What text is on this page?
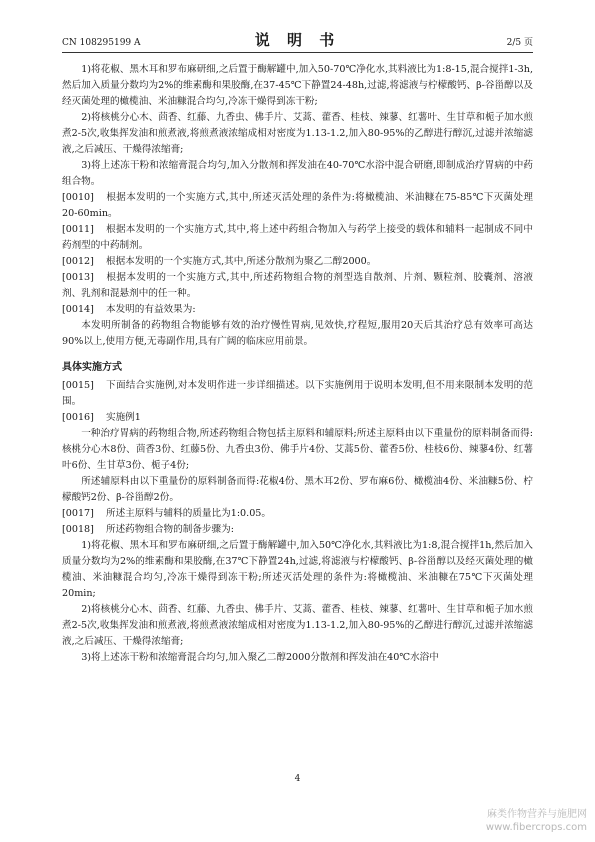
CN 108295199 A	说 明 书	2/5 页

1)将花椒、黑木耳和罗布麻研细,之后置于酶解罐中,加入50-70℃净化水,其料液比为1:8-15,混合搅拌1-3h,然后加入质量分数均为2%的维素酶和果胶酶,在37-45℃下静置24-48h,过滤,将滤液与柠檬酸钙、β-谷甾醇以及经灭菌处理的橄榄油、米油糠混合均匀,冷冻干燥得到冻干粉;

2)将核桃分心木、茴香、红藤、九香虫、佛手片、艾蒿、藿香、桂枝、辣蓼、红薯叶、生甘草和栀子加水煎煮2-5次,收集挥发油和煎煮液,将煎煮液浓缩成相对密度为1.13-1.2,加入80-95%的乙醇进行醇沉,过滤并浓缩滤液,之后减压、干燥得浓缩膏;

3)将上述冻干粉和浓缩膏混合均匀,加入分散剂和挥发油在40-70℃水浴中混合研磨,即制成治疗胃病的中药组合物。

[0010] 根据本发明的一个实施方式,其中,所述灭活处理的条件为:将橄榄油、米油糠在75-85℃下灭菌处理20-60min。

[0011] 根据本发明的一个实施方式,其中,将上述中药组合物加入与药学上接受的载体和辅料一起制成不同中药剂型的中药制剂。

[0012] 根据本发明的一个实施方式,其中,所述分散剂为聚乙二醇2000。

[0013] 根据本发明的一个实施方式,其中,所述药物组合物的剂型选自散剂、片剂、颗粒剂、胶囊剂、溶液剂、乳剂和混悬剂中的任一种。

[0014] 本发明的有益效果为:

本发明所制备的药物组合物能够有效的治疗慢性胃病,见效快,疗程短,服用20天后其治疗总有效率可高达90%以上,使用方便,无毒副作用,具有广阔的临床应用前景。

具体实施方式

[0015] 下面结合实施例,对本发明作进一步详细描述。以下实施例用于说明本发明,但不用来限制本发明的范围。

[0016] 实施例1

一种治疗胃病的药物组合物,所述药物组合物包括主原料和辅原料;所述主原料由以下重量份的原料制备而得:核桃分心木8份、茴香3份、红藤5份、九香虫3份、佛手片4份、艾蒿5份、藿香5份、桂枝6份、辣蓼4份、红薯叶6份、生甘草3份、栀子4份;

所述辅原料由以下重量份的原料制备而得:花椒4份、黑木耳2份、罗布麻6份、橄榄油4份、米油糠5份、柠檬酸钙2份、β-谷甾醇2份。

[0017] 所述主原料与辅料的质量比为1:0.05。

[0018] 所述药物组合物的制备步骤为:

1)将花椒、黑木耳和罗布麻研细,之后置于酶解罐中,加入50℃净化水,其料液比为1:8,混合搅拌1h,然后加入质量分数均为2%的维素酶和果胶酶,在37℃下静置24h,过滤,将滤液与柠檬酸钙、β-谷甾醇以及经灭菌处理的橄榄油、米油糠混合均匀,冷冻干燥得到冻干粉;所述灭活处理的条件为:将橄榄油、米油糠在75℃下灭菌处理20min;

2)将核桃分心木、茴香、红藤、九香虫、佛手片、艾蒿、藿香、桂枝、辣蓼、红薯叶、生甘草和栀子加水煎煮2-5次,收集挥发油和煎煮液,将煎煮液浓缩成相对密度为1.13-1.2,加入80-95%的乙醇进行醇沉,过滤并浓缩滤液,之后减压、干燥得浓缩膏;

3)将上述冻干粉和浓缩膏混合均匀,加入聚乙二醇2000分散剂和挥发油在40℃水浴中

4
麻类作物营养与施肥网
www.fibercrops.com
